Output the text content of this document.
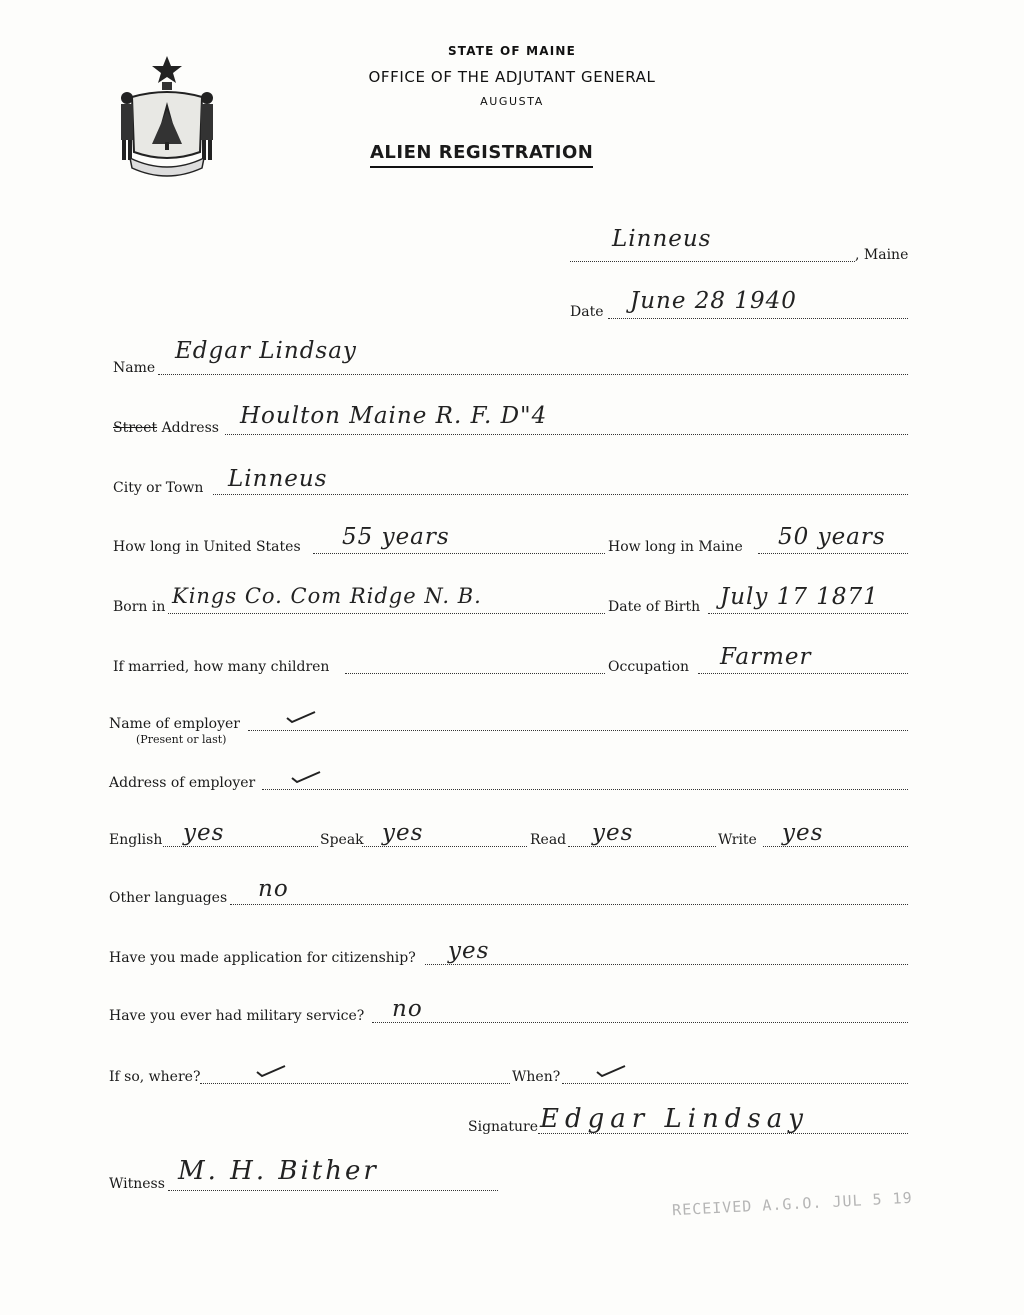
STATE OF MAINE
OFFICE OF THE ADJUTANT GENERAL
AUGUSTA
ALIEN REGISTRATION
Linneus
, Maine
Date June 28 1940
Name
Edgar Lindsay
Street Address Houlton Maine R. F. D"4
City or Town Linneus
How long in United States 55 years	How long in Maine 50 years
Born in Kings Co. Com Ridge N. B.	Date of Birth July 17 1871
If married, how many children	Occupation Farmer
Name of employer
(Present or last)
Address of employer
English yes	Speak yes	Read yes	Write yes
Other languages no
Have you made application for citizenship? yes
Have you ever had military service? no
If so, where?	When?
Signature Edgar Lindsay
Witness M. H. Bither
RECEIVED A.G.O. JUL 5 19
